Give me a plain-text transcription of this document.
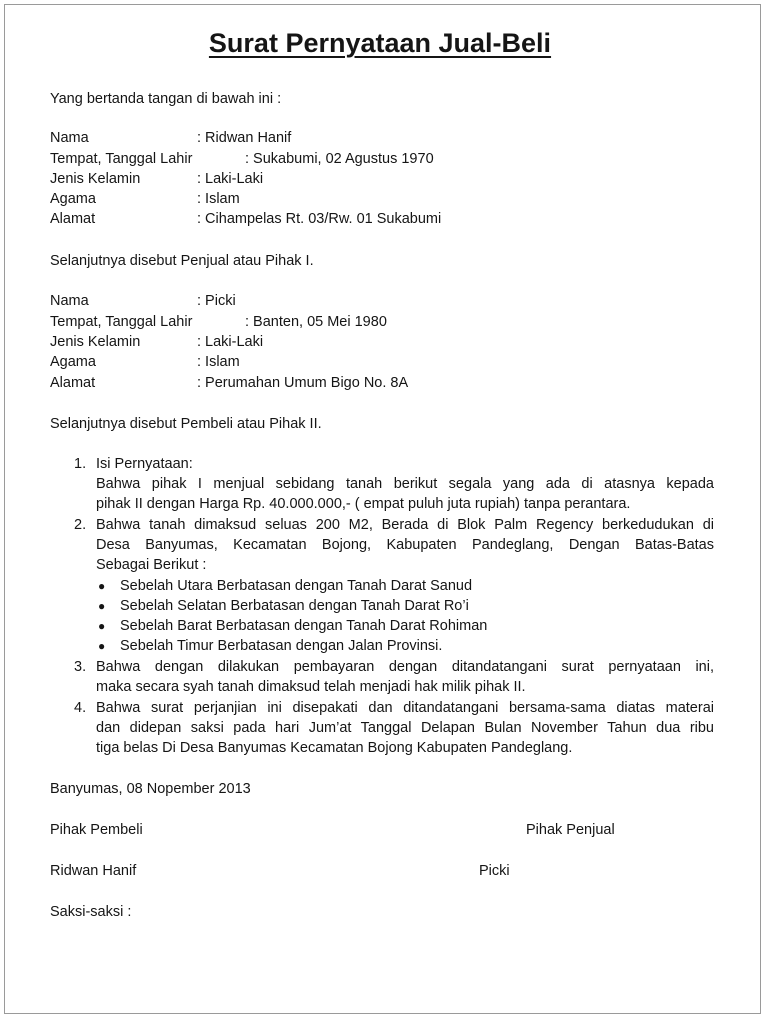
Surat Pernyataan Jual-Beli
Yang bertanda tangan di bawah ini :
Nama	: Ridwan Hanif
Tempat, Tanggal Lahir	: Sukabumi, 02 Agustus 1970
Jenis Kelamin	: Laki-Laki
Agama	: Islam
Alamat	: Cihampelas Rt. 03/Rw. 01 Sukabumi
Selanjutnya disebut Penjual atau Pihak I.
Nama	: Picki
Tempat, Tanggal Lahir	: Banten, 05 Mei 1980
Jenis Kelamin	: Laki-Laki
Agama	: Islam
Alamat	: Perumahan Umum Bigo No. 8A
Selanjutnya disebut Pembeli atau Pihak II.
1. Isi Pernyataan:
Bahwa pihak I menjual sebidang tanah berikut segala yang ada di atasnya kepada
pihak II dengan Harga Rp. 40.000.000,- ( empat puluh juta rupiah) tanpa perantara.
2. Bahwa tanah dimaksud seluas 200 M2, Berada di Blok Palm Regency berkedudukan di
Desa Banyumas, Kecamatan Bojong, Kabupaten Pandeglang, Dengan Batas-Batas
Sebagai Berikut :
● Sebelah Utara Berbatasan dengan Tanah Darat Sanud
● Sebelah Selatan Berbatasan dengan Tanah Darat Ro’i
● Sebelah Barat Berbatasan dengan Tanah Darat Rohiman
● Sebelah Timur Berbatasan dengan Jalan Provinsi.
3. Bahwa dengan dilakukan pembayaran dengan ditandatangani surat pernyataan ini,
maka secara syah tanah dimaksud telah menjadi hak milik pihak II.
4. Bahwa surat perjanjian ini disepakati dan ditandatangani bersama-sama diatas materai
dan didepan saksi pada hari Jum’at Tanggal Delapan Bulan November Tahun dua ribu
tiga belas Di Desa Banyumas Kecamatan Bojong Kabupaten Pandeglang.
Banyumas, 08 Nopember 2013
Pihak Pembeli	Pihak Penjual
Ridwan Hanif	Picki
Saksi-saksi :
